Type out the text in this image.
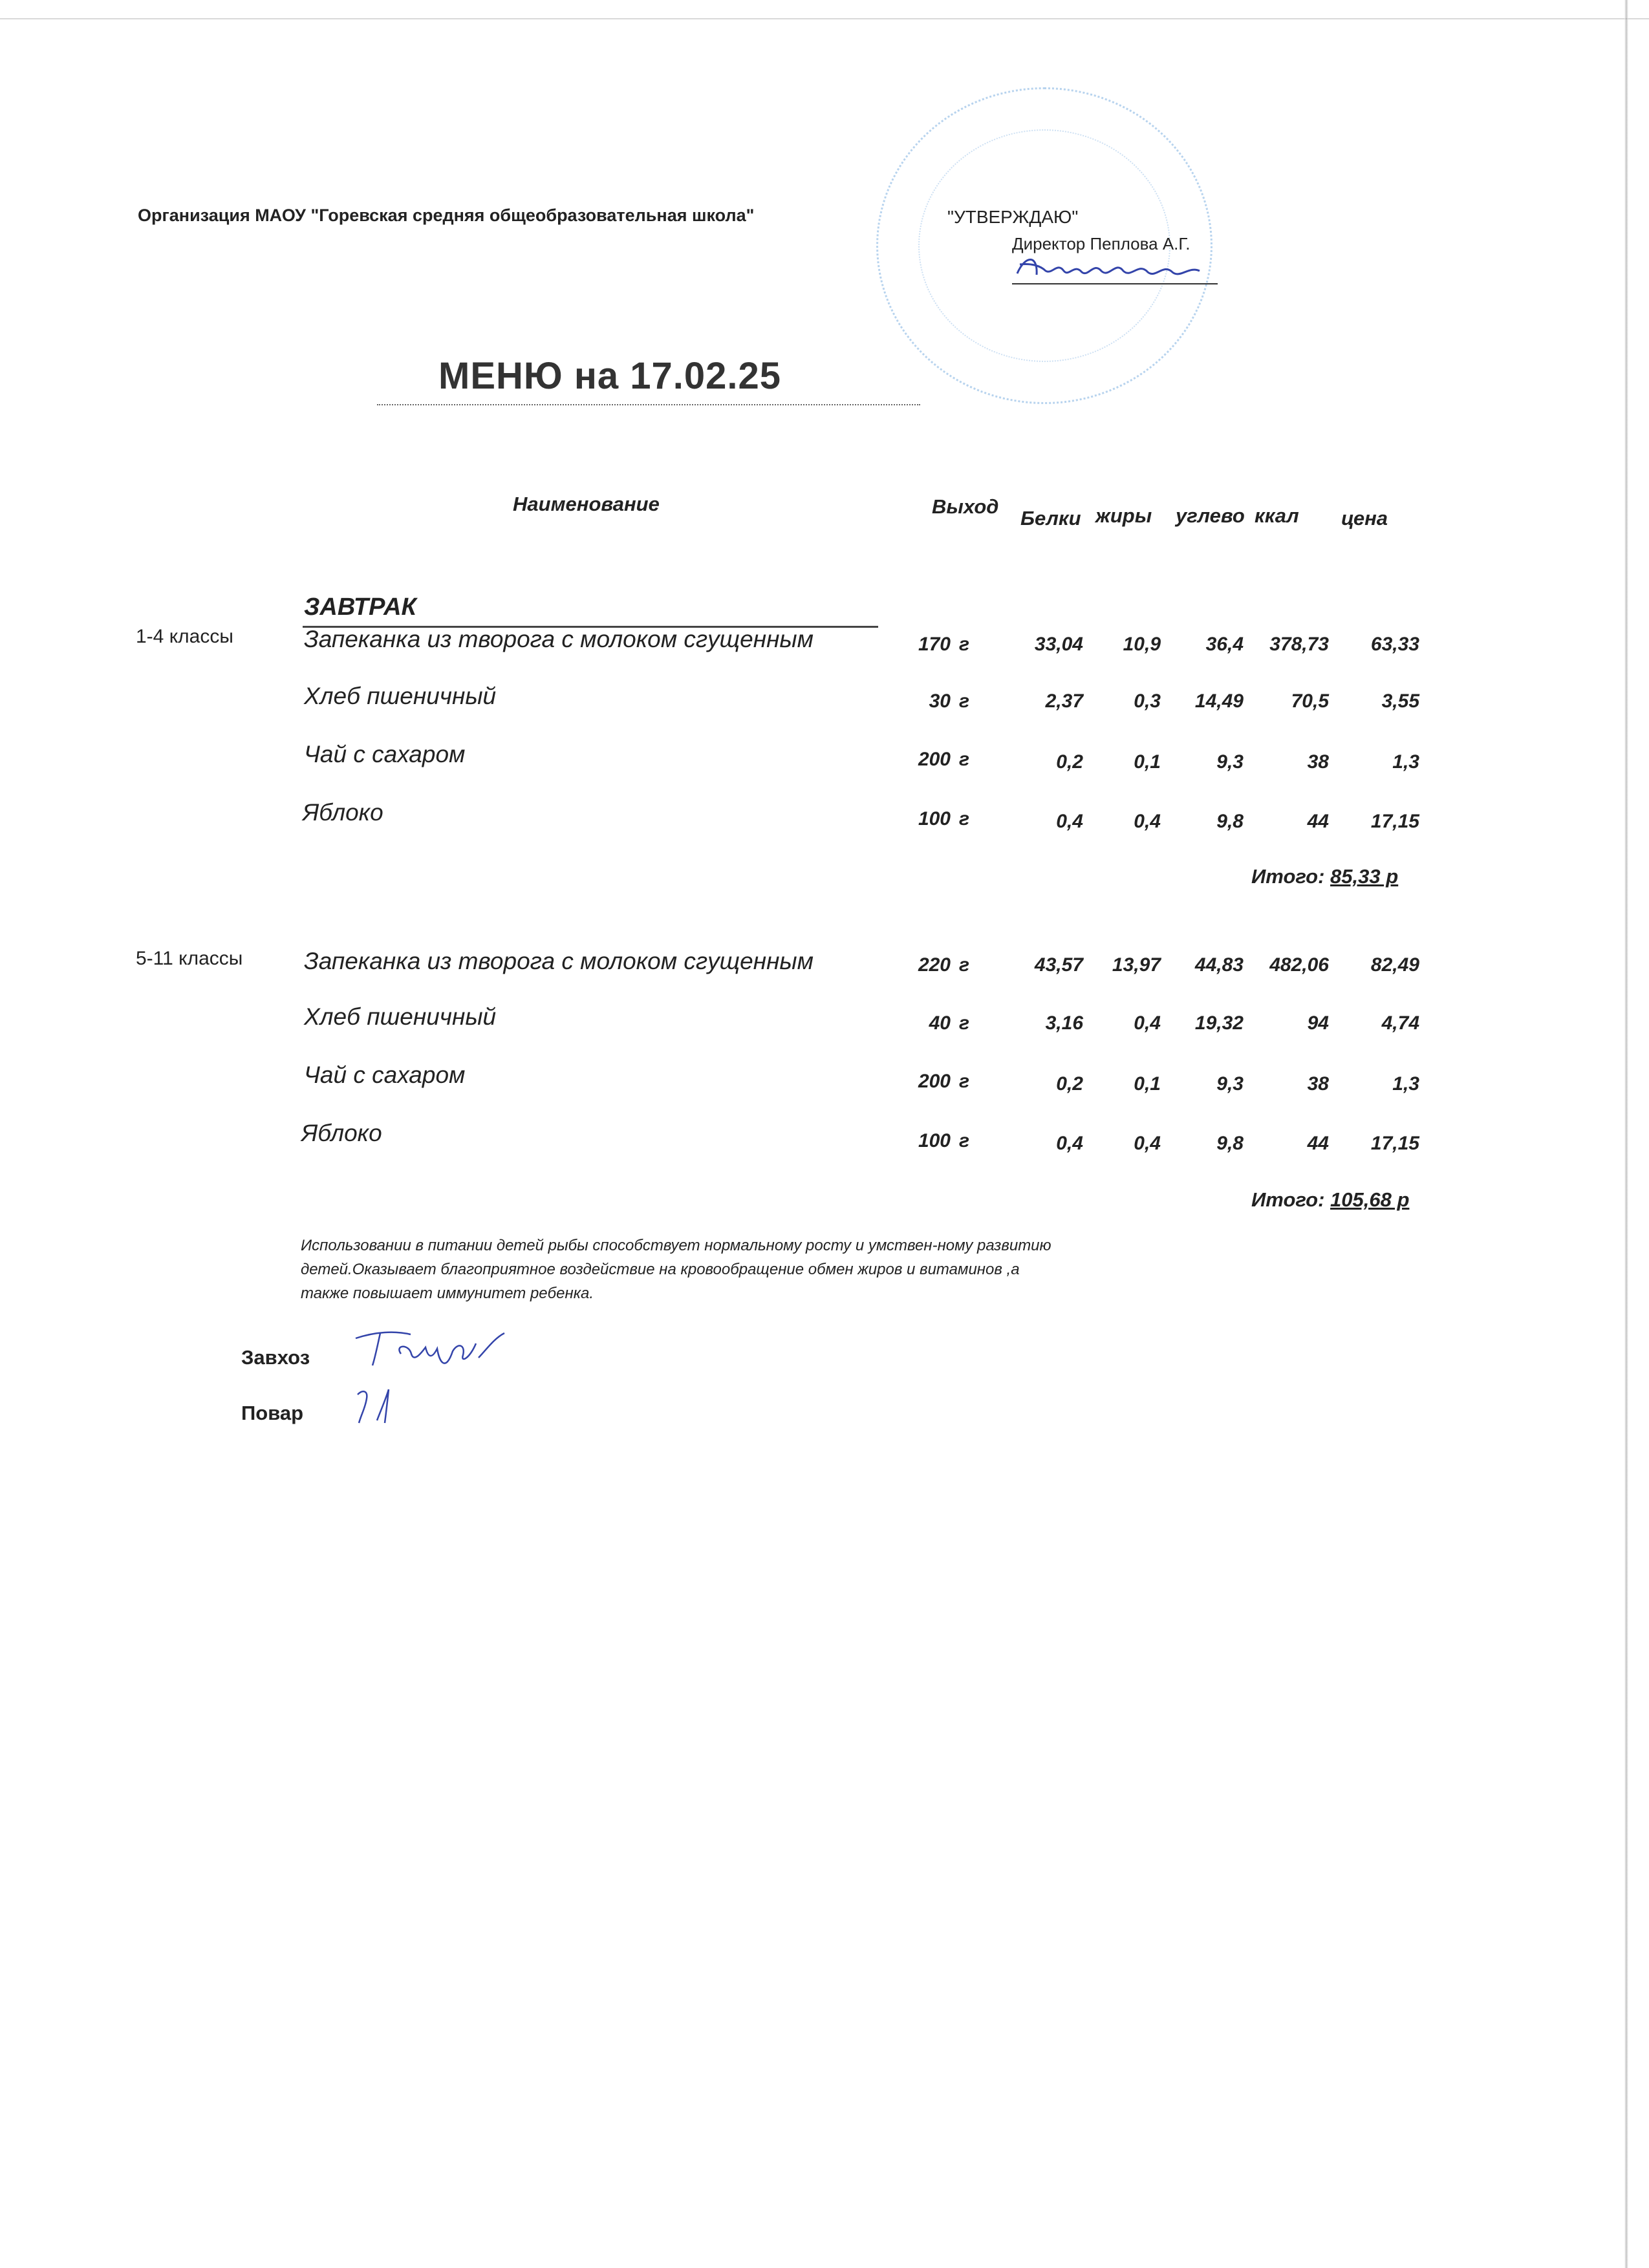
Организация МАОУ "Горевская средняя общеобразовательная школа"	"УТВЕРЖДАЮ"
Директор Пеплова А.Г.
МЕНЮ на 17.02.25
Наименование	Выход
Белки жиры углево ккал цена
ЗАВТРАК
1-4 классы	Запеканка из творога с молоком сгущенным	170 г	33,04	10,9	36,4	378,73	63,33
Хлеб пшеничный	30 г	2,37	0,3	14,49	70,5	3,55
Чай с сахаром	200 г	0,2	0,1	9,3	38	1,3
Яблоко	100 г	0,4	0,4	9,8	44	17,15
Итого: 85,33 р
5-11 классы	Запеканка из творога с молоком сгущенным	220 г	43,57	13,97	44,83	482,06	82,49
Хлеб пшеничный	40 г	3,16	0,4	19,32	94	4,74
Чай с сахаром	200 г	0,2	0,1	9,3	38	1,3
Яблоко	100 г	0,4	0,4	9,8	44	17,15
Итого: 105,68 р
Использовании в питании детей рыбы способствует нормальному росту и умствен-ному развитию детей.Оказывает благоприятное воздействие на кровообращение обмен жиров и витаминов ,а также повышает иммунитет ребенка.
Завхоз
Повар
